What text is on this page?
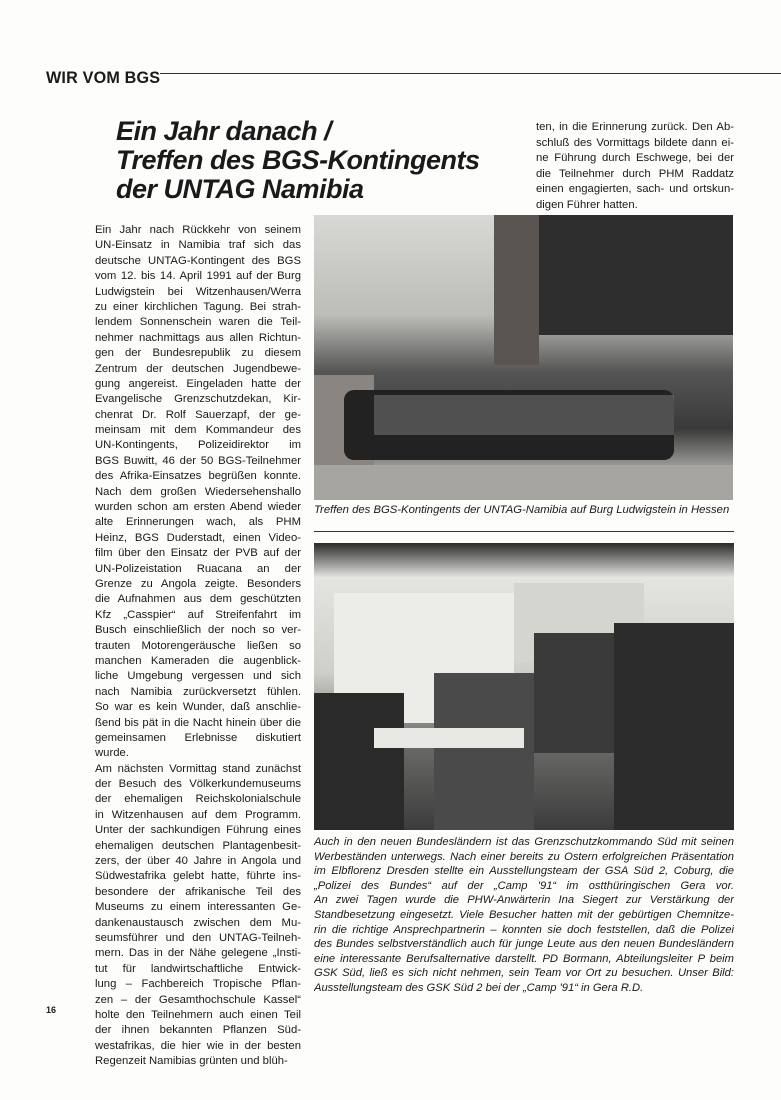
WIR VOM BGS
Ein Jahr danach /
Treffen des BGS-Kontingents
der UNTAG Namibia
Ein Jahr nach Rückkehr von seinem
UN-Einsatz in Namibia traf sich das
deutsche UNTAG-Kontingent des BGS
vom 12. bis 14. April 1991 auf der Burg
Ludwigstein bei Witzenhausen/Werra
zu einer kirchlichen Tagung. Bei strah-
lendem Sonnenschein waren die Teil-
nehmer nachmittags aus allen Richtun-
gen der Bundesrepublik zu diesem
Zentrum der deutschen Jugendbewe-
gung angereist. Eingeladen hatte der
Evangelische Grenzschutzdekan, Kir-
chenrat Dr. Rolf Sauerzapf, der ge-
meinsam mit dem Kommandeur des
UN-Kontingents, Polizeidirektor im
BGS Buwitt, 46 der 50 BGS-Teilnehmer
des Afrika-Einsatzes begrüßen konnte.
Nach dem großen Wiedersehenshallo
wurden schon am ersten Abend wieder
alte Erinnerungen wach, als PHM
Heinz, BGS Duderstadt, einen Video-
film über den Einsatz der PVB auf der
UN-Polizeistation Ruacana an der
Grenze zu Angola zeigte. Besonders
die Aufnahmen aus dem geschützten
Kfz „Casspier“ auf Streifenfahrt im
Busch einschließlich der noch so ver-
trauten Motorengeräusche ließen so
manchen Kameraden die augenblick-
liche Umgebung vergessen und sich
nach Namibia zurückversetzt fühlen.
So war es kein Wunder, daß anschlie-
ßend bis pät in die Nacht hinein über die
gemeinsamen Erlebnisse diskutiert
wurde.
Am nächsten Vormittag stand zunächst
der Besuch des Völkerkundemuseums
der ehemaligen Reichskolonialschule
in Witzenhausen auf dem Programm.
Unter der sachkundigen Führung eines
ehemaligen deutschen Plantagenbesit-
zers, der über 40 Jahre in Angola und
Südwestafrika gelebt hatte, führte ins-
besondere der afrikanische Teil des
Museums zu einem interessanten Ge-
dankenaustausch zwischen dem Mu-
seumsführer und den UNTAG-Teilneh-
mern. Das in der Nähe gelegene „Insti-
tut für landwirtschaftliche Entwick-
lung – Fachbereich Tropische Pflan-
zen – der Gesamthochschule Kassel“
holte den Teilnehmern auch einen Teil
der ihnen bekannten Pflanzen Süd-
westafrikas, die hier wie in der besten
Regenzeit Namibias grünten und blüh-
ten, in die Erinnerung zurück. Den Ab-
schluß des Vormittags bildete dann ei-
ne Führung durch Eschwege, bei der
die Teilnehmer durch PHM Raddatz
einen engagierten, sach- und ortskun-
digen Führer hatten.
Treffen des BGS-Kontingents der UNTAG-Namibia auf Burg Ludwigstein in Hessen
Auch in den neuen Bundesländern ist das Grenzschutzkommando Süd mit seinen
Werbeständen unterwegs. Nach einer bereits zu Ostern erfolgreichen Präsentation
im Elbflorenz Dresden stellte ein Ausstellungsteam der GSA Süd 2, Coburg, die
„Polizei des Bundes“ auf der „Camp '91“ im ostthüringischen Gera vor.
An zwei Tagen wurde die PHW-Anwärterin Ina Siegert zur Verstärkung der
Standbesetzung eingesetzt. Viele Besucher hatten mit der gebürtigen Chemnitze-
rin die richtige Ansprechpartnerin – konnten sie doch feststellen, daß die Polizei
des Bundes selbstverständlich auch für junge Leute aus den neuen Bundesländern
eine interessante Berufsalternative darstellt. PD Bormann, Abteilungsleiter P beim
GSK Süd, ließ es sich nicht nehmen, sein Team vor Ort zu besuchen. Unser Bild:
Ausstellungsteam des GSK Süd 2 bei der „Camp '91“ in Gera R.D.
16
